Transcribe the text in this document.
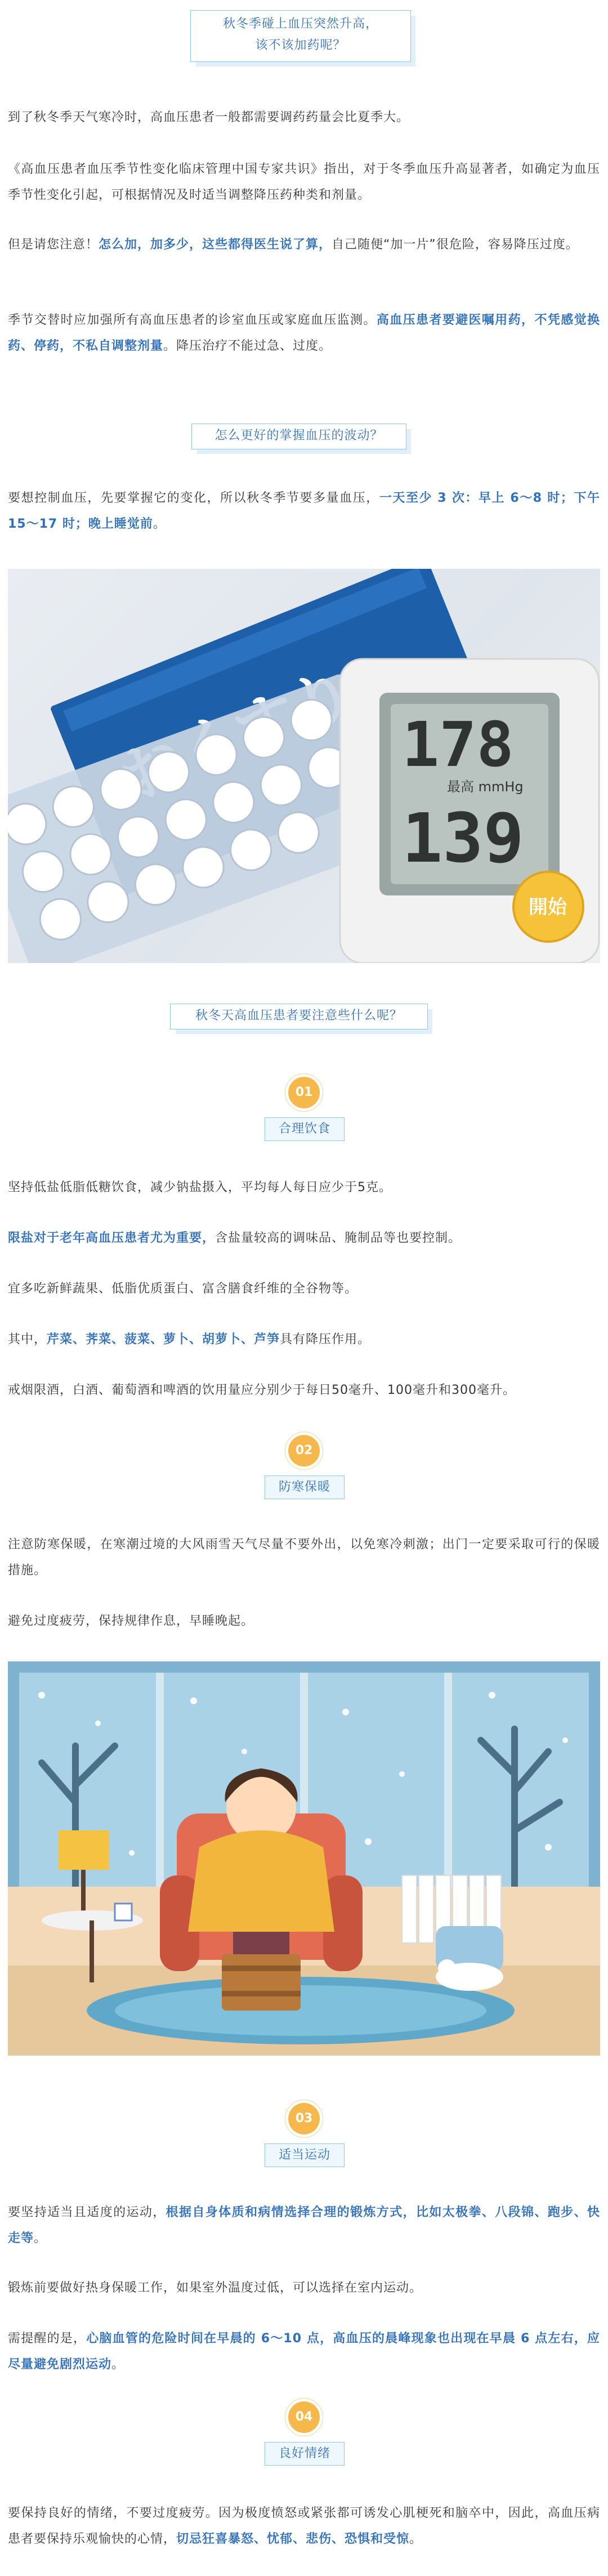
秋冬季碰上血压突然升高，
该不该加药呢？

到了秋冬季天气寒冷时，高血压患者一般都需要调药药量会比夏季大。

《高血压患者血压季节性变化临床管理中国专家共识》指出，对于冬季血压升高显著者，如确定为血压季节性变化引起，可根据情况及时适当调整降压药种类和剂量。

但是请您注意！怎么加，加多少，这些都得医生说了算，自己随便“加一片”很危险，容易降压过度。

季节交替时应加强所有高血压患者的诊室血压或家庭血压监测。高血压患者要避医嘱用药，不凭感觉换药、停药，不私自调整剂量。降压治疗不能过急、过度。

怎么更好的掌握血压的波动？

要想控制血压，先要掌握它的变化，所以秋冬季节要多量血压，一天至少 3 次：早上 6～8 时；下午 15～17 时；晚上睡觉前。

178
最高 mmHg
139
開始
秋冬天高血压患者要注意些什么呢？
01
合理饮食

坚持低盐低脂低糖饮食，减少钠盐摄入，平均每人每日应少于5克。

限盐对于老年高血压患者尤为重要，含盐量较高的调味品、腌制品等也要控制。

宜多吃新鲜蔬果、低脂优质蛋白、富含膳食纤维的全谷物等。

其中，芹菜、荠菜、菠菜、萝卜、胡萝卜、芦笋具有降压作用。

戒烟限酒，白酒、葡萄酒和啤酒的饮用量应分别少于每日50毫升、100毫升和300毫升。

02
防寒保暖

注意防寒保暖，在寒潮过境的大风雨雪天气尽量不要外出，以免寒冷刺激；出门一定要采取可行的保暖措施。

避免过度疲劳，保持规律作息，早睡晚起。

03
适当运动

要坚持适当且适度的运动，根据自身体质和病情选择合理的锻炼方式，比如太极拳、八段锦、跑步、快走等。

锻炼前要做好热身保暖工作，如果室外温度过低，可以选择在室内运动。

需提醒的是，心脑血管的危险时间在早晨的 6～10 点，高血压的晨峰现象也出现在早晨 6 点左右，应尽量避免剧烈运动。

04
良好情绪

要保持良好的情绪，不要过度疲劳。因为极度愤怒或紧张都可诱发心肌梗死和脑卒中，因此，高血压病患者要保持乐观愉快的心情，切忌狂喜暴怒、忧郁、悲伤、恐惧和受惊。
